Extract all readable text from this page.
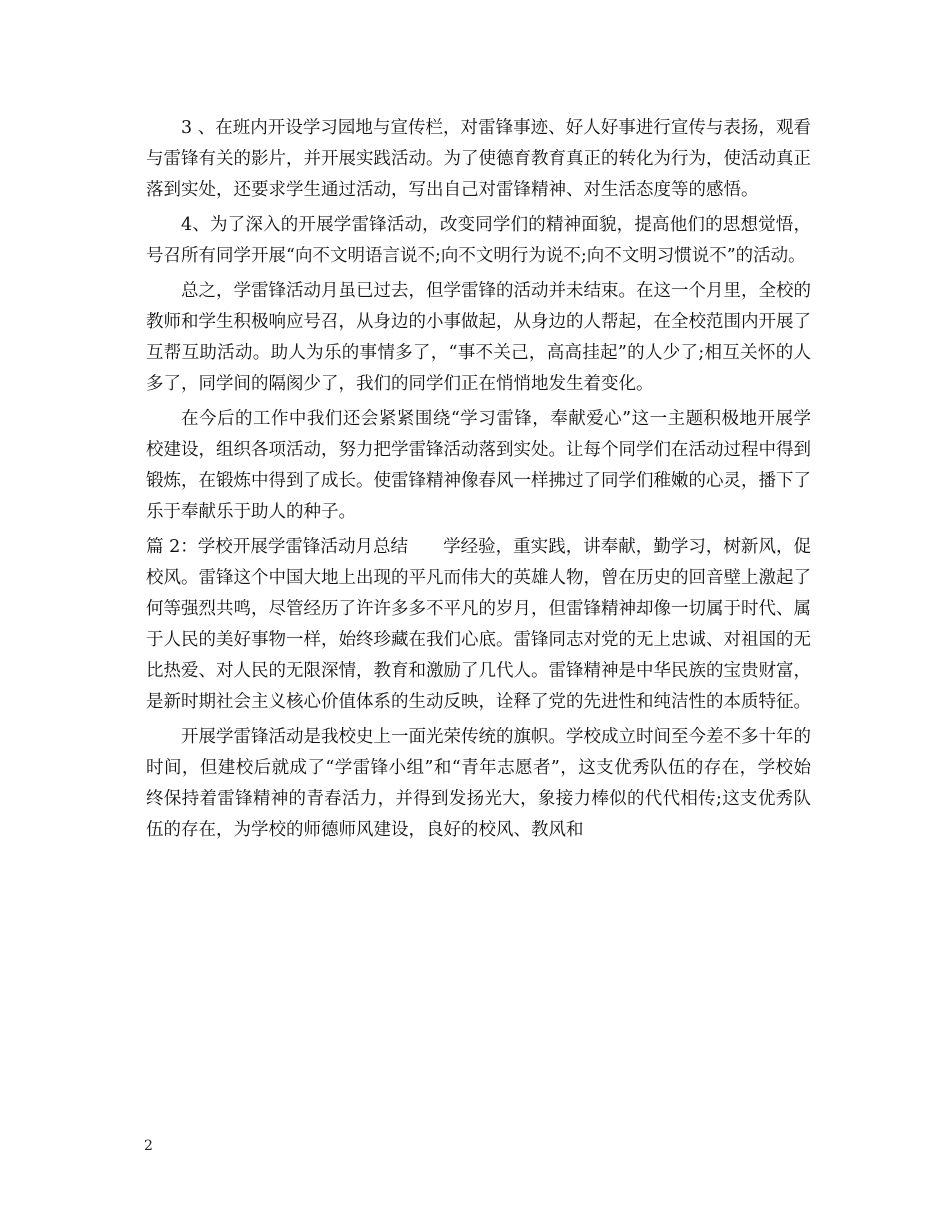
3 、在班内开设学习园地与宣传栏，对雷锋事迹、好人好事进行宣传与表扬，观看与雷锋有关的影片，并开展实践活动。为了使德育教育真正的转化为行为，使活动真正落到实处，还要求学生通过活动，写出自己对雷锋精神、对生活态度等的感悟。

4、为了深入的开展学雷锋活动，改变同学们的精神面貌，提高他们的思想觉悟，号召所有同学开展“向不文明语言说不;向不文明行为说不;向不文明习惯说不”的活动。

总之，学雷锋活动月虽已过去，但学雷锋的活动并未结束。在这一个月里，全校的教师和学生积极响应号召，从身边的小事做起，从身边的人帮起，在全校范围内开展了互帮互助活动。助人为乐的事情多了，“事不关己，高高挂起”的人少了;相互关怀的人多了，同学间的隔阂少了，我们的同学们正在悄悄地发生着变化。

在今后的工作中我们还会紧紧围绕“学习雷锋，奉献爱心”这一主题积极地开展学校建设，组织各项活动，努力把学雷锋活动落到实处。让每个同学们在活动过程中得到锻炼，在锻炼中得到了成长。使雷锋精神像春风一样拂过了同学们稚嫩的心灵，播下了乐于奉献乐于助人的种子。

篇 2：学校开展学雷锋活动月总结　　学经验，重实践，讲奉献，勤学习，树新风，促校风。雷锋这个中国大地上出现的平凡而伟大的英雄人物，曾在历史的回音壁上激起了何等强烈共鸣，尽管经历了许许多多不平凡的岁月，但雷锋精神却像一切属于时代、属于人民的美好事物一样，始终珍藏在我们心底。雷锋同志对党的无上忠诚、对祖国的无比热爱、对人民的无限深情，教育和激励了几代人。雷锋精神是中华民族的宝贵财富，是新时期社会主义核心价值体系的生动反映，诠释了党的先进性和纯洁性的本质特征。

开展学雷锋活动是我校史上一面光荣传统的旗帜。学校成立时间至今差不多十年的时间，但建校后就成了“学雷锋小组”和“青年志愿者”，这支优秀队伍的存在，学校始终保持着雷锋精神的青春活力，并得到发扬光大，象接力棒似的代代相传;这支优秀队伍的存在，为学校的师德师风建设，良好的校风、教风和

2
